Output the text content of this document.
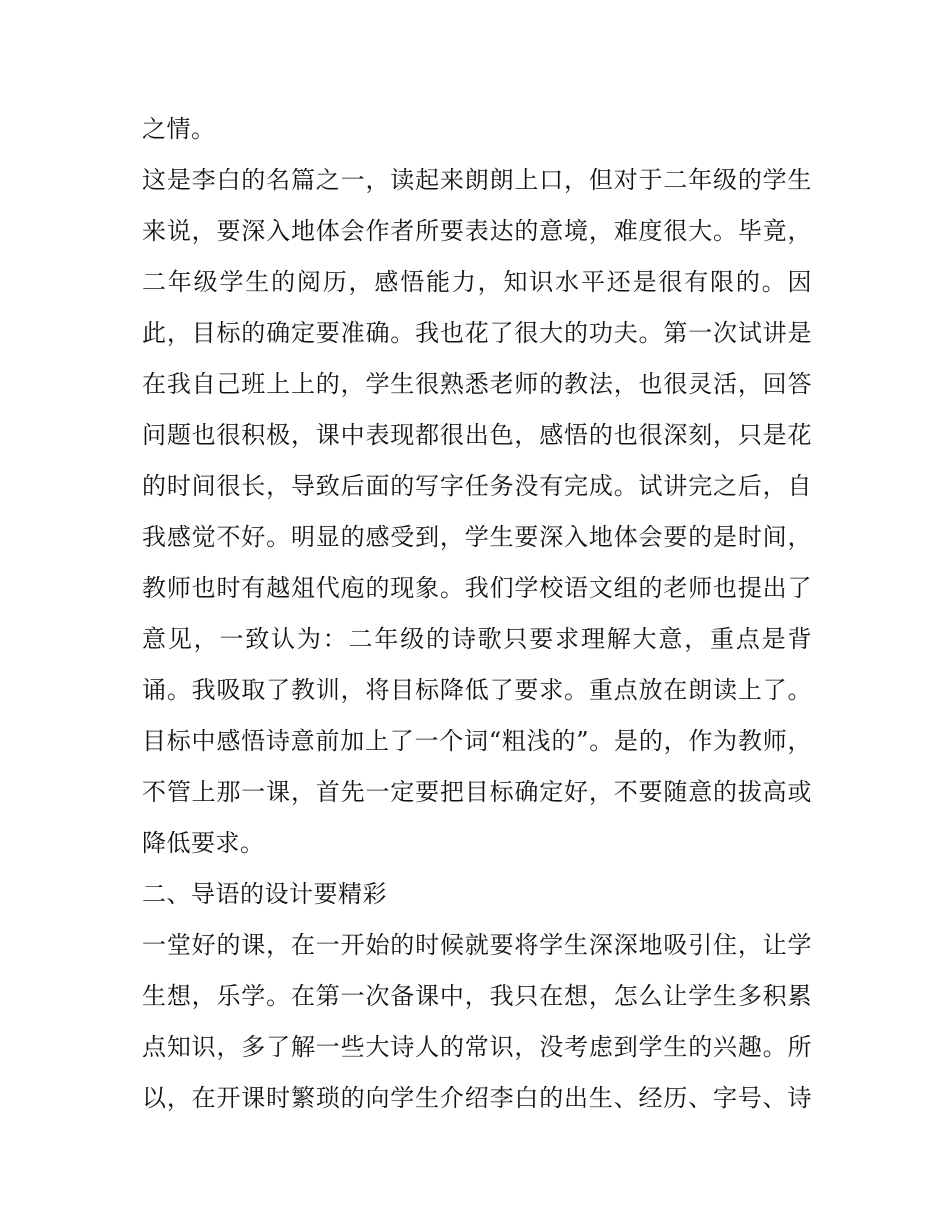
之情。
这是李白的名篇之一，读起来朗朗上口，但对于二年级的学生
来说，要深入地体会作者所要表达的意境，难度很大。毕竟，
二年级学生的阅历，感悟能力，知识水平还是很有限的。因
此，目标的确定要准确。我也花了很大的功夫。第一次试讲是
在我自己班上上的，学生很熟悉老师的教法，也很灵活，回答
问题也很积极，课中表现都很出色，感悟的也很深刻，只是花
的时间很长，导致后面的写字任务没有完成。试讲完之后，自
我感觉不好。明显的感受到，学生要深入地体会要的是时间，
教师也时有越俎代庖的现象。我们学校语文组的老师也提出了
意见，一致认为：二年级的诗歌只要求理解大意，重点是背
诵。我吸取了教训，将目标降低了要求。重点放在朗读上了。
目标中感悟诗意前加上了一个词“粗浅的”。是的，作为教师，
不管上那一课，首先一定要把目标确定好，不要随意的拔高或
降低要求。
二、导语的设计要精彩
一堂好的课，在一开始的时候就要将学生深深地吸引住，让学
生想，乐学。在第一次备课中，我只在想，怎么让学生多积累
点知识，多了解一些大诗人的常识，没考虑到学生的兴趣。所
以，在开课时繁琐的向学生介绍李白的出生、经历、字号、诗
